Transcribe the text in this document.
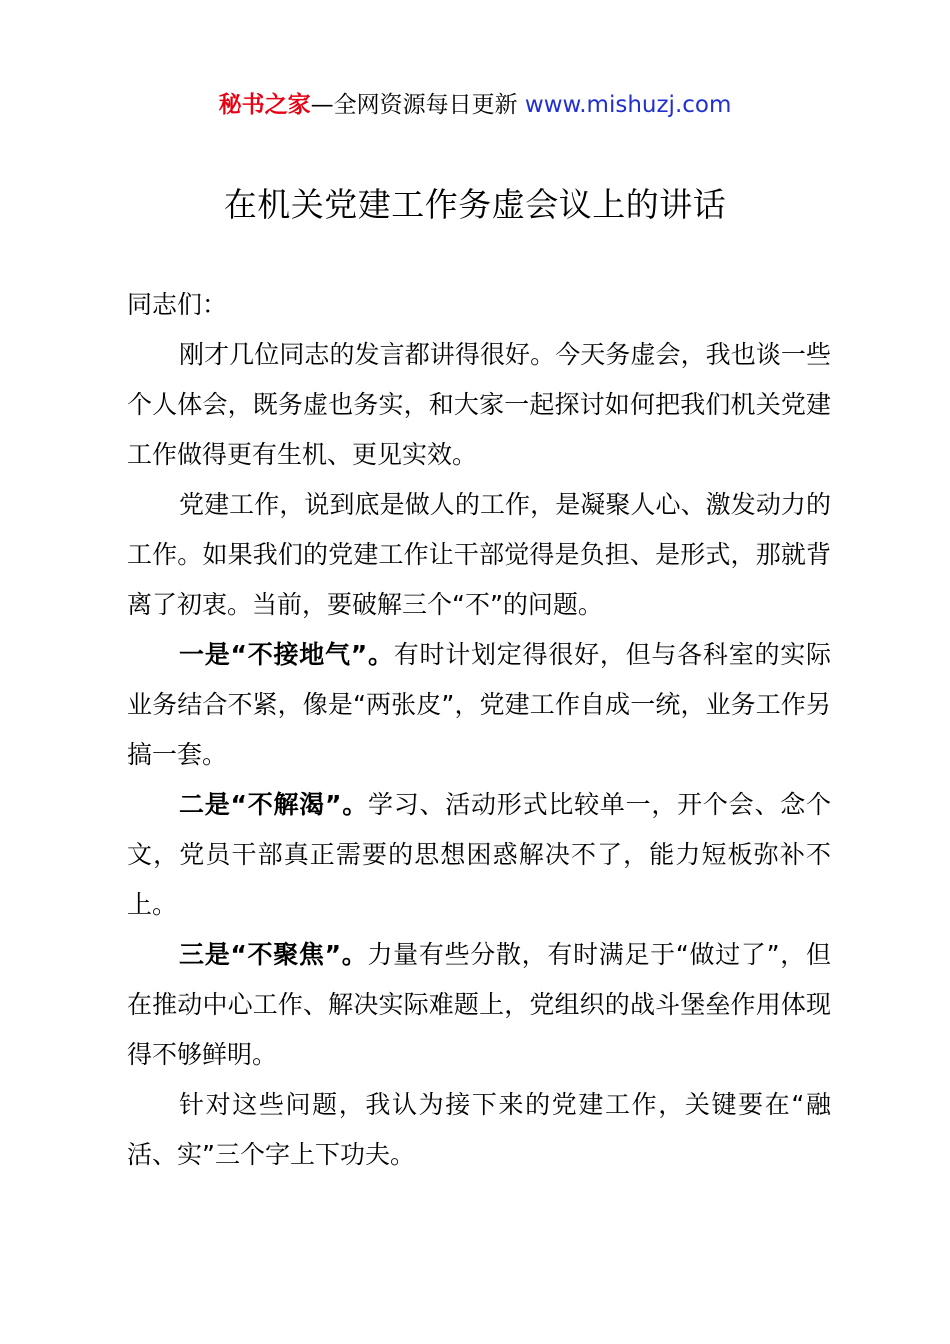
秘书之家—全网资源每日更新 www.mishuzj.com
在机关党建工作务虚会议上的讲话

同志们：

刚才几位同志的发言都讲得很好。今天务虚会，我也谈一些个人体会，既务虚也务实，和大家一起探讨如何把我们机关党建工作做得更有生机、更见实效。

党建工作，说到底是做人的工作，是凝聚人心、激发动力的工作。如果我们的党建工作让干部觉得是负担、是形式，那就背离了初衷。当前，要破解三个“不”的问题。

一是“不接地气”。有时计划定得很好，但与各科室的实际业务结合不紧，像是“两张皮”，党建工作自成一统，业务工作另搞一套。

二是“不解渴”。学习、活动形式比较单一，开个会、念个文，党员干部真正需要的思想困惑解决不了，能力短板弥补不上。

三是“不聚焦”。力量有些分散，有时满足于“做过了”，但在推动中心工作、解决实际难题上，党组织的战斗堡垒作用体现得不够鲜明。

针对这些问题，我认为接下来的党建工作，关键要在“融活、实”三个字上下功夫。
